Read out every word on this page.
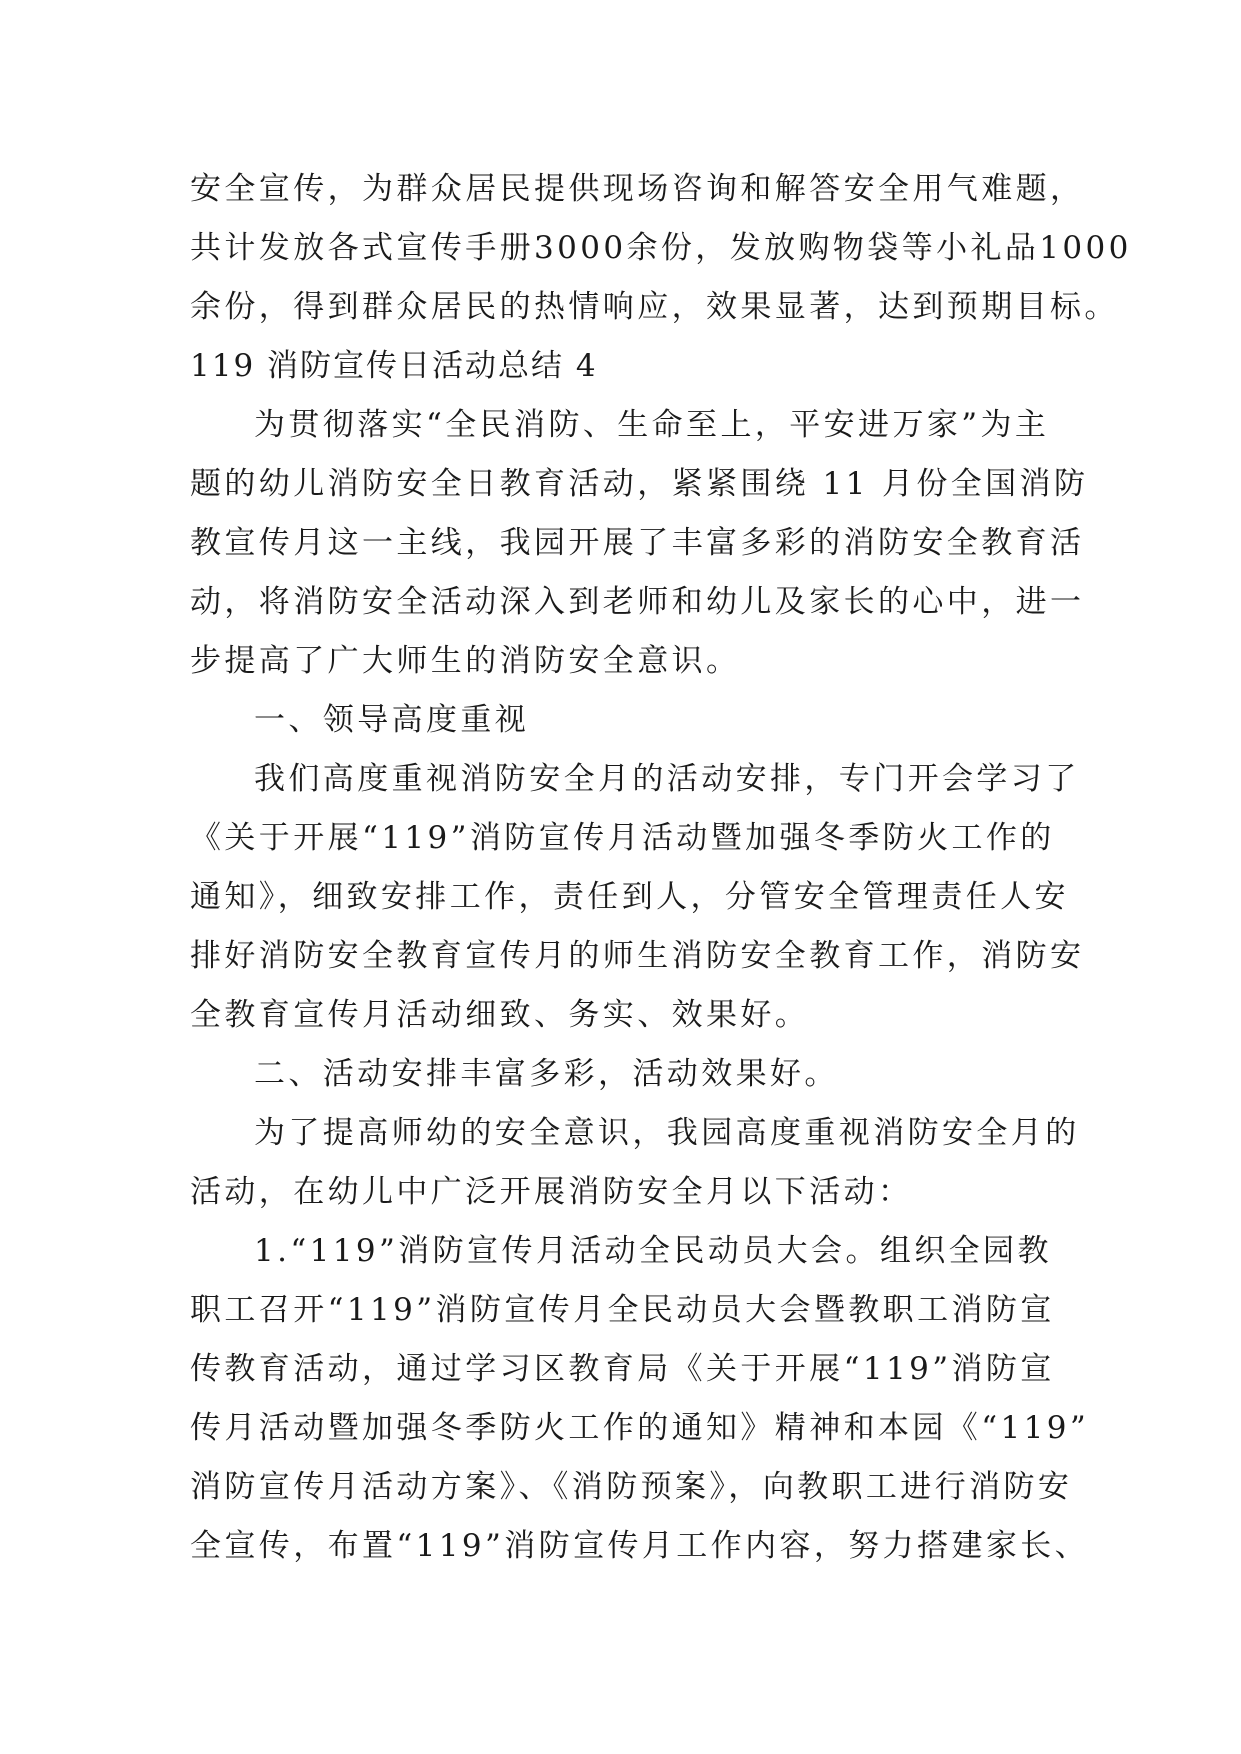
安全宣传，为群众居民提供现场咨询和解答安全用气难题，
共计发放各式宣传手册3000余份，发放购物袋等小礼品1000
余份，得到群众居民的热情响应，效果显著，达到预期目标。
119 消防宣传日活动总结 4
为贯彻落实“全民消防、生命至上，平安进万家”为主
题的幼儿消防安全日教育活动，紧紧围绕 11 月份全国消防
教宣传月这一主线，我园开展了丰富多彩的消防安全教育活
动，将消防安全活动深入到老师和幼儿及家长的心中，进一
步提高了广大师生的消防安全意识。
一、领导高度重视
我们高度重视消防安全月的活动安排，专门开会学习了
《关于开展“119”消防宣传月活动暨加强冬季防火工作的
通知》，细致安排工作，责任到人，分管安全管理责任人安
排好消防安全教育宣传月的师生消防安全教育工作，消防安
全教育宣传月活动细致、务实、效果好。
二、活动安排丰富多彩，活动效果好。
为了提高师幼的安全意识，我园高度重视消防安全月的
活动，在幼儿中广泛开展消防安全月以下活动：
1.“119”消防宣传月活动全民动员大会。组织全园教
职工召开“119”消防宣传月全民动员大会暨教职工消防宣
传教育活动，通过学习区教育局《关于开展“119”消防宣
传月活动暨加强冬季防火工作的通知》精神和本园《“119”
消防宣传月活动方案》、《消防预案》，向教职工进行消防安
全宣传，布置“119”消防宣传月工作内容，努力搭建家长、
